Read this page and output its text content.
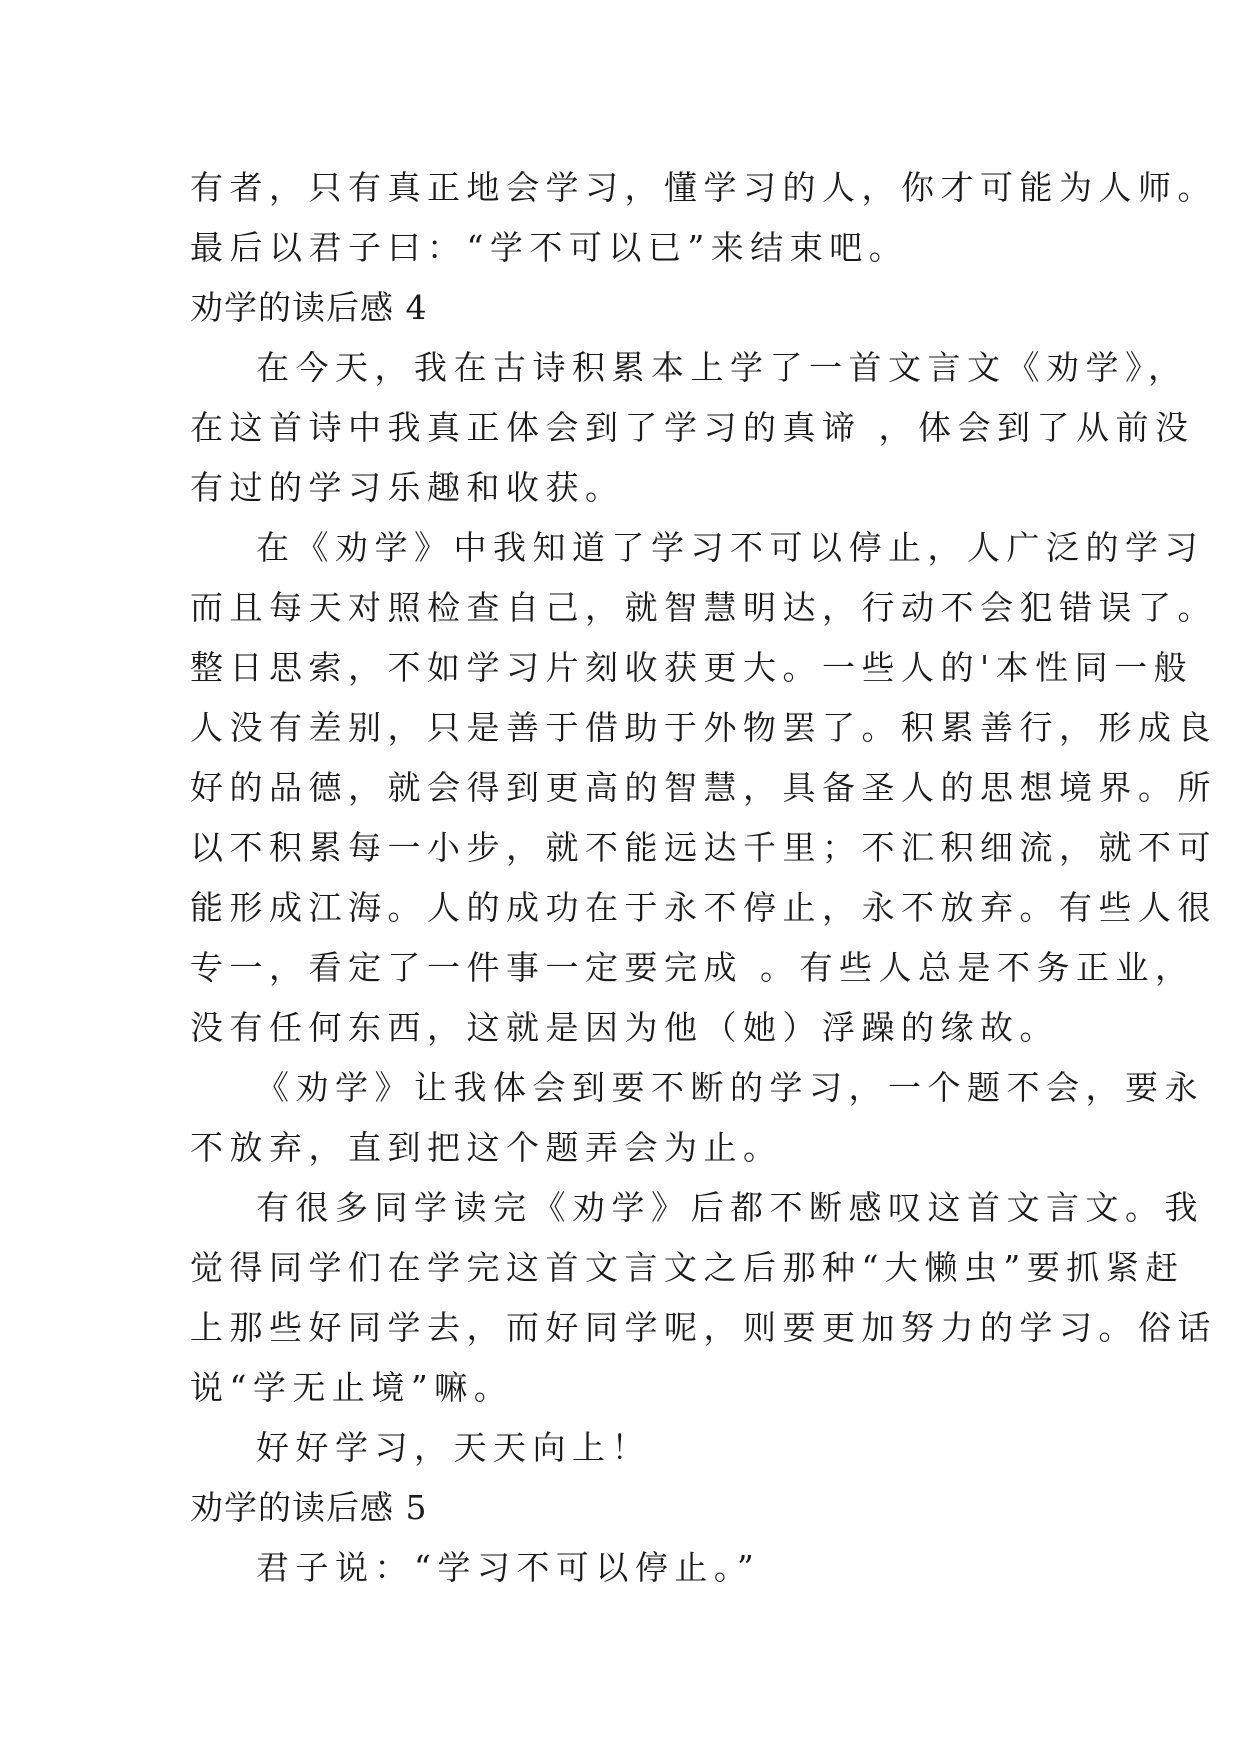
有者，只有真正地会学习，懂学习的人，你才可能为人师。
最后以君子曰：“学不可以已”来结束吧。
劝学的读后感 4
在今天，我在古诗积累本上学了一首文言文《劝学》，
在这首诗中我真正体会到了学习的真谛 ，体会到了从前没
有过的学习乐趣和收获。
在《劝学》中我知道了学习不可以停止，人广泛的学习
而且每天对照检查自己，就智慧明达，行动不会犯错误了。
整日思索，不如学习片刻收获更大。一些人的'本性同一般
人没有差别，只是善于借助于外物罢了。积累善行，形成良
好的品德，就会得到更高的智慧，具备圣人的思想境界。所
以不积累每一小步，就不能远达千里；不汇积细流，就不可
能形成江海。人的成功在于永不停止，永不放弃。有些人很
专一，看定了一件事一定要完成 。有些人总是不务正业，
没有任何东西，这就是因为他（她）浮躁的缘故。
《劝学》让我体会到要不断的学习，一个题不会，要永
不放弃，直到把这个题弄会为止。
有很多同学读完《劝学》后都不断感叹这首文言文。我
觉得同学们在学完这首文言文之后那种“大懒虫”要抓紧赶
上那些好同学去，而好同学呢，则要更加努力的学习。俗话
说“学无止境”嘛。
好好学习，天天向上！
劝学的读后感 5
君子说：“学习不可以停止。”
